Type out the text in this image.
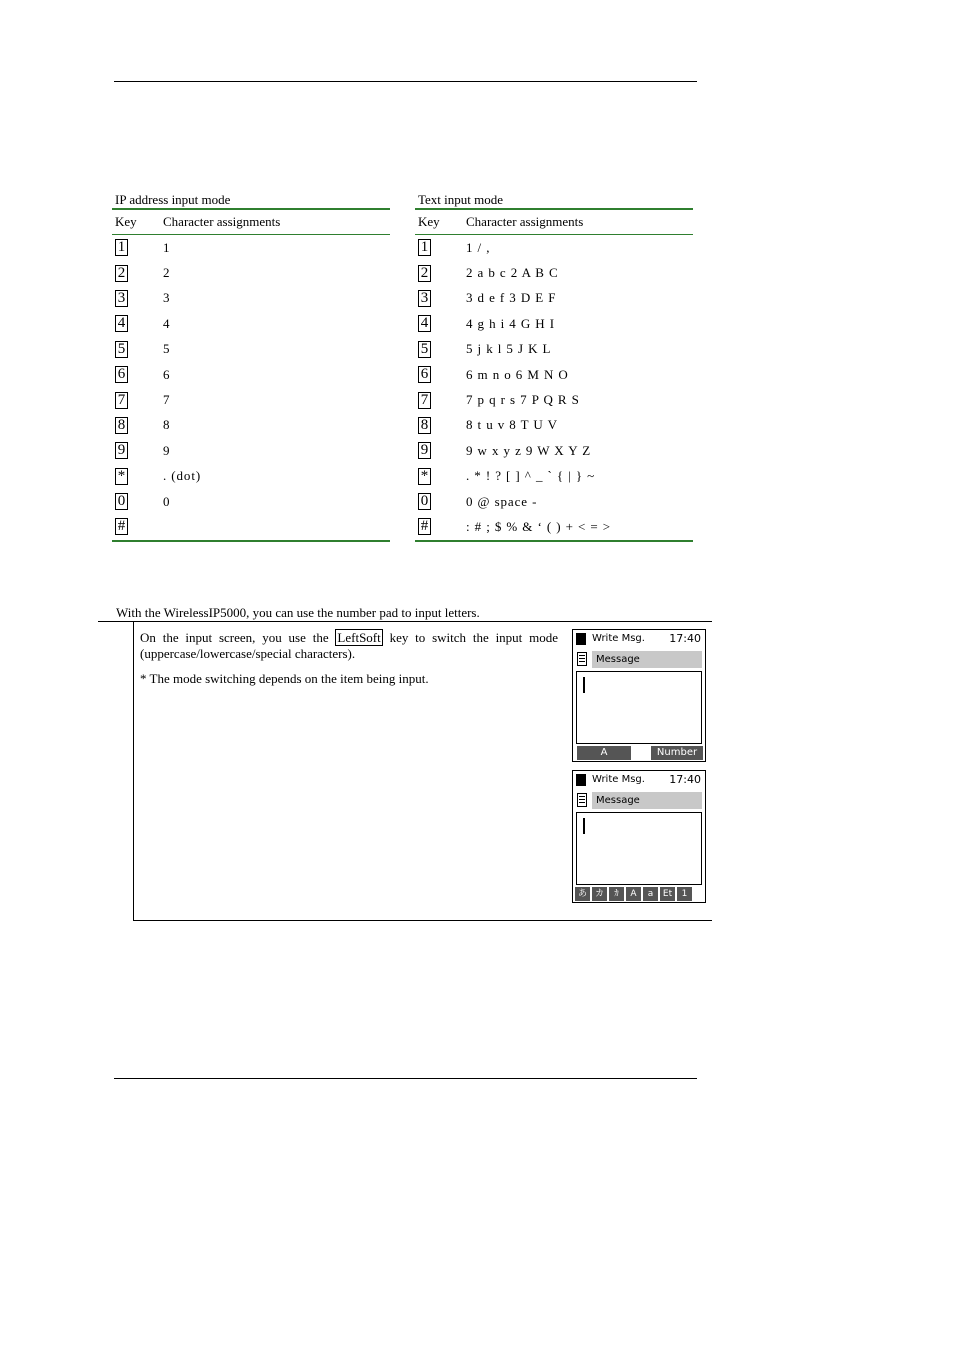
IP address input mode
Key	Character assignments
1	1
2	2
3	3
4	4
5	5
6	6
7	7
8	8
9	9
*	. (dot)
0	0
#
Text input mode
Key	Character assignments
1	1 / ,
2	2 a b c 2 A B C
3	3 d e f 3 D E F
4	4 g h i 4 G H I
5	5 j k l 5 J K L
6	6 m n o 6 M N O
7	7 p q r s 7 P Q R S
8	8 t u v 8 T U V
9	9 w x y z 9 W X Y Z
*	. * ! ? [ ] ^ _ ` { | } ~
0	0 @ space -
#	: # ; $ % & ‘ ( ) + < = >
With the WirelessIP5000, you can use the number pad to input letters.

On the input screen, you use the LeftSoft key to switch the input mode (uppercase/lowercase/special characters).

* The mode switching depends on the item being input.

Write Msg. 17:40
Message
A	Number
Write Msg. 17:40
Message
あ カ	ｶ	A	a	Et	1
